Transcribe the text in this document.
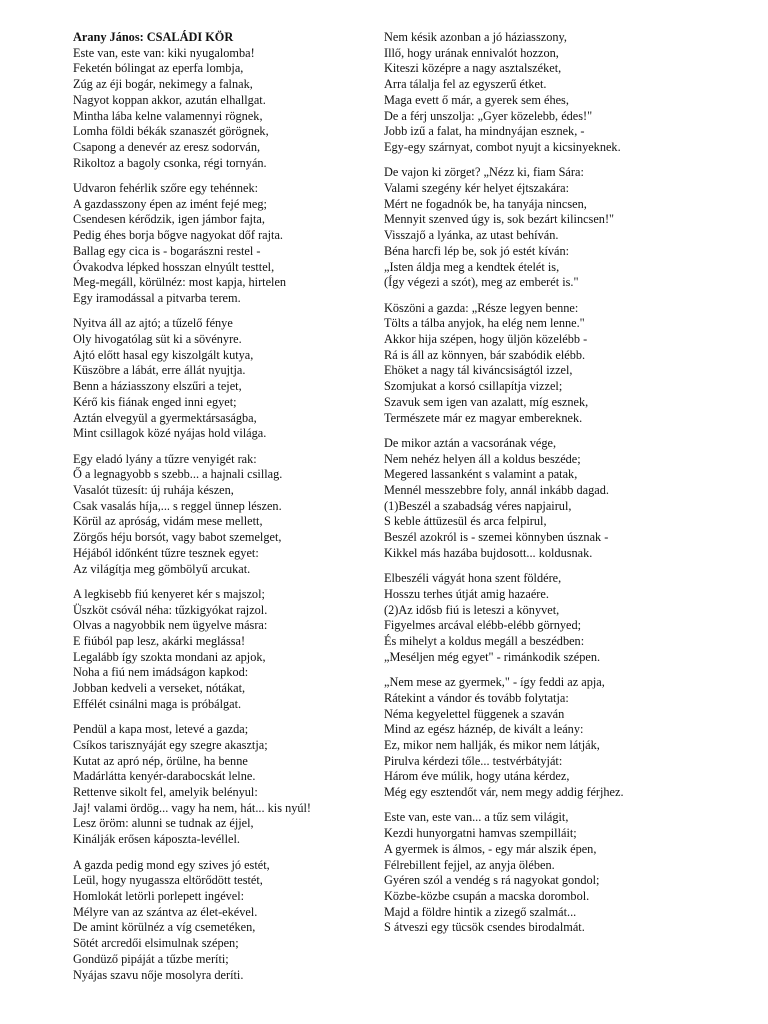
Arany János: CSALÁDI KÖR
Este van, este van: kiki nyugalomba!
Feketén bólingat az eperfa lombja,
Zúg az éji bogár, nekimegy a falnak,
Nagyot koppan akkor, azután elhallgat.
Mintha lába kelne valamennyi rögnek,
Lomha földi békák szanaszét görögnek,
Csapong a denevér az eresz sodorván,
Rikoltoz a bagoly csonka, régi tornyán.
Udvaron fehérlik szőre egy tehénnek:
A gazdasszony épen az imént fejé meg;
Csendesen kérődzik, igen jámbor fajta,
Pedig éhes borja bőgve nagyokat dőf rajta.
Ballag egy cica is - bogarászni restel -
Óvakodva lépked hosszan elnyúlt testtel,
Meg-megáll, körülnéz: most kapja, hirtelen
Egy iramodással a pitvarba terem.
Nyitva áll az ajtó; a tűzelő fénye
Oly hivogatólag süt ki a sövényre.
Ajtó előtt hasal egy kiszolgált kutya,
Küszöbre a lábát, erre állát nyujtja.
Benn a háziasszony elszűri a tejet,
Kérő kis fiának enged inni egyet;
Aztán elvegyül a gyermektársaságba,
Mint csillagok közé nyájas hold világa.
Egy eladó lyány a tűzre venyigét rak:
Ő a legnagyobb s szebb... a hajnali csillag.
Vasalót tüzesít: új ruhája készen,
Csak vasalás híja,... s reggel ünnep lészen.
Körül az apróság, vidám mese mellett,
Zörgős héju borsót, vagy babot szemelget,
Héjából időnként tűzre tesznek egyet:
Az világítja meg gömbölyű arcukat.
A legkisebb fiú kenyeret kér s majszol;
Üszköt csóvál néha: tűzkigyókat rajzol.
Olvas a nagyobbik nem ügyelve másra:
E fiúból pap lesz, akárki meglássa!
Legalább így szokta mondani az apjok,
Noha a fiú nem imádságon kapkod:
Jobban kedveli a verseket, nótákat,
Effélét csinálni maga is próbálgat.
Pendül a kapa most, letevé a gazda;
Csíkos tarisznyáját egy szegre akasztja;
Kutat az apró nép, örülne, ha benne
Madárlátta kenyér-darabocskát lelne.
Rettenve sikolt fel, amelyik belényul:
Jaj! valami ördög... vagy ha nem, hát... kis nyúl!
Lesz öröm: alunni se tudnak az éjjel,
Kinálják erősen káposzta-levéllel.
A gazda pedig mond egy szives jó estét,
Leül, hogy nyugassza eltörődött testét,
Homlokát letörli porlepett ingével:
Mélyre van az szántva az élet-ekével.
De amint körülnéz a víg csemetéken,
Sötét arcredői elsimulnak szépen;
Gondüző pipáját a tűzbe meríti;
Nyájas szavu nője mosolyra deríti.
Nem késik azonban a jó háziasszony,
Illő, hogy urának ennivalót hozzon,
Kiteszi középre a nagy asztalszéket,
Arra tálalja fel az egyszerű étket.
Maga evett ő már, a gyerek sem éhes,
De a férj unszolja: „Gyer közelebb, édes!"
Jobb izű a falat, ha mindnyájan esznek, -
Egy-egy szárnyat, combot nyujt a kicsinyeknek.
De vajon ki zörget? „Nézz ki, fiam Sára:
Valami szegény kér helyet éjtszakára:
Mért ne fogadnók be, ha tanyája nincsen,
Mennyit szenved úgy is, sok bezárt kilincsen!"
Visszajő a lyánka, az utast behíván.
Béna harcfi lép be, sok jó estét kíván:
„Isten áldja meg a kendtek ételét is,
(Így végezi a szót), meg az emberét is."
Köszöni a gazda: „Része legyen benne:
Tölts a tálba anyjok, ha elég nem lenne."
Akkor hija szépen, hogy üljön közelébb -
Rá is áll az könnyen, bár szabódik elébb.
Ehöket a nagy tál kiváncsiságtól izzel,
Szomjukat a korsó csillapítja vizzel;
Szavuk sem igen van azalatt, míg esznek,
Természete már ez magyar embereknek.
De mikor aztán a vacsorának vége,
Nem nehéz helyen áll a koldus beszéde;
Megered lassanként s valamint a patak,
Mennél messzebbre foly, annál inkább dagad.
(1)Beszél a szabadság véres napjairul,
S keble áttüzesül és arca felpirul,
Beszél azokról is - szemei könnyben úsznak -
Kikkel más hazába bujdosott... koldusnak.
Elbeszéli vágyát hona szent földére,
Hosszu terhes útját amig hazaére.
(2)Az idősb fiú is leteszi a könyvet,
Figyelmes arcával elébb-elébb görnyed;
És mihelyt a koldus megáll a beszédben:
„Meséljen még egyet" - rimánkodik szépen.
„Nem mese az gyermek," - így feddi az apja,
Rátekint a vándor és tovább folytatja:
Néma kegyelettel függenek a szaván
Mind az egész háznép, de kivált a leány:
Ez, mikor nem hallják, és mikor nem látják,
Pirulva kérdezi tőle... testvérbátyját:
Három éve múlik, hogy utána kérdez,
Még egy esztendőt vár, nem megy addig férjhez.
Este van, este van... a tűz sem világit,
Kezdi hunyorgatni hamvas szempilláit;
A gyermek is álmos, - egy már alszik épen,
Félrebillent fejjel, az anyja ölében.
Gyéren szól a vendég s rá nagyokat gondol;
Közbe-közbe csupán a macska dorombol.
Majd a földre hintik a zizegő szalmát...
S átveszi egy tücsök csendes birodalmát.
